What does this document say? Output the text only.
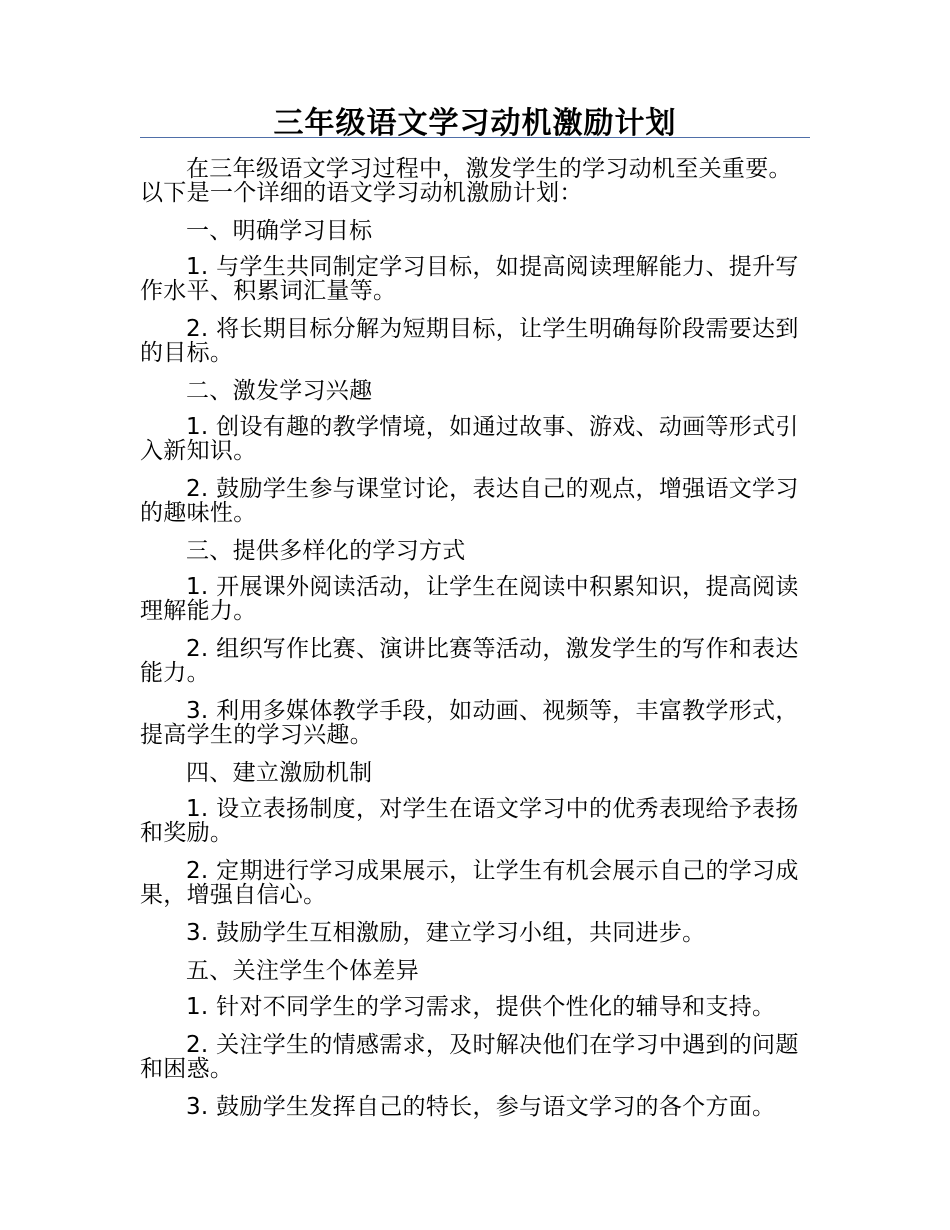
三年级语文学习动机激励计划

在三年级语文学习过程中，激发学生的学习动机至关重要。以下是一个详细的语文学习动机激励计划：

一、明确学习目标

1. 与学生共同制定学习目标，如提高阅读理解能力、提升写作水平、积累词汇量等。

2. 将长期目标分解为短期目标，让学生明确每阶段需要达到的目标。

二、激发学习兴趣

1. 创设有趣的教学情境，如通过故事、游戏、动画等形式引入新知识。

2. 鼓励学生参与课堂讨论，表达自己的观点，增强语文学习的趣味性。

三、提供多样化的学习方式

1. 开展课外阅读活动，让学生在阅读中积累知识，提高阅读理解能力。

2. 组织写作比赛、演讲比赛等活动，激发学生的写作和表达能力。

3. 利用多媒体教学手段，如动画、视频等，丰富教学形式，提高学生的学习兴趣。

四、建立激励机制

1. 设立表扬制度，对学生在语文学习中的优秀表现给予表扬和奖励。

2. 定期进行学习成果展示，让学生有机会展示自己的学习成果，增强自信心。

3. 鼓励学生互相激励，建立学习小组，共同进步。

五、关注学生个体差异

1. 针对不同学生的学习需求，提供个性化的辅导和支持。

2. 关注学生的情感需求，及时解决他们在学习中遇到的问题和困惑。

3. 鼓励学生发挥自己的特长，参与语文学习的各个方面。
